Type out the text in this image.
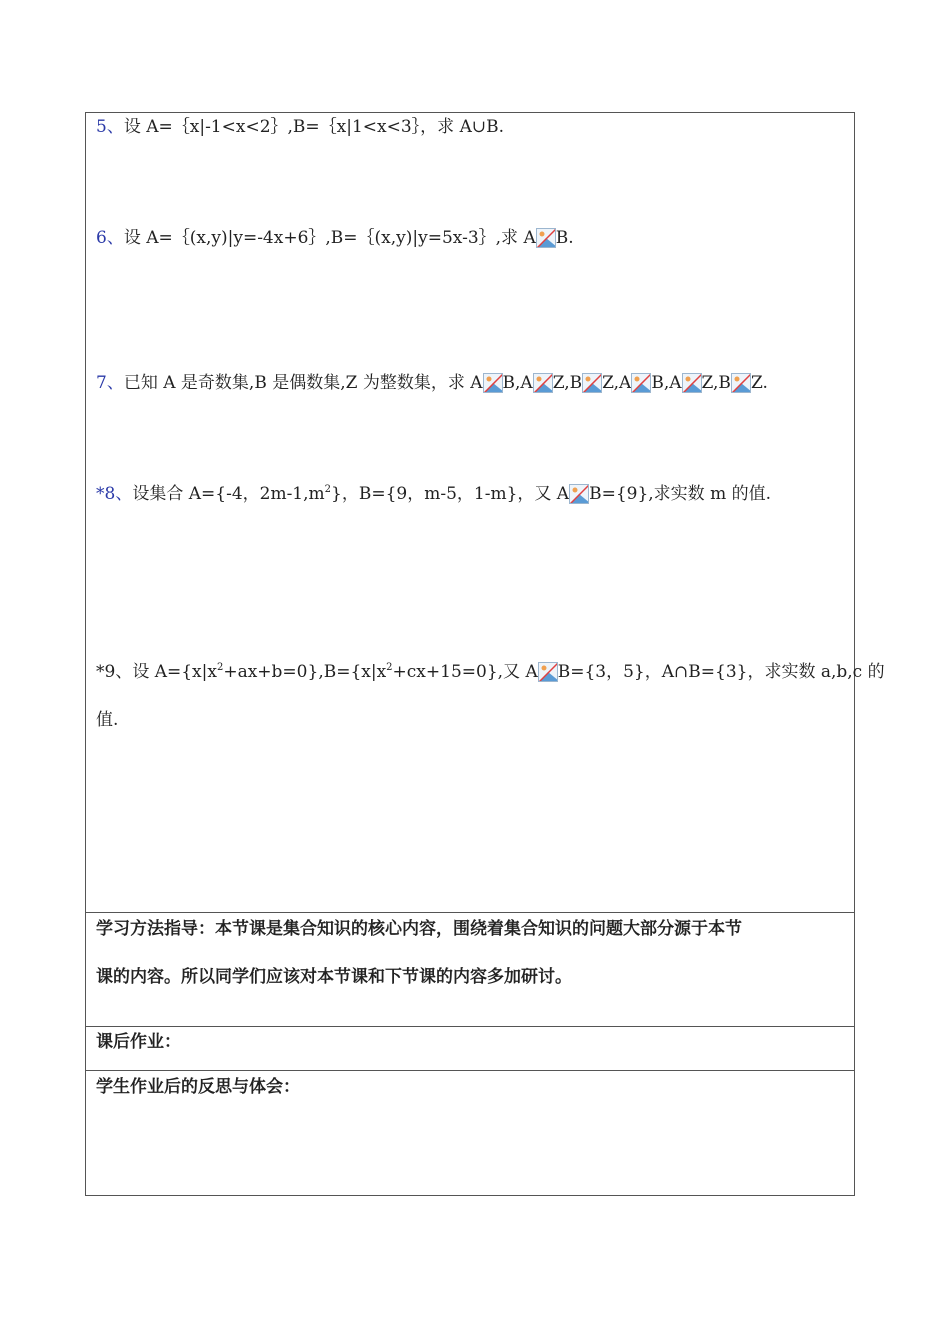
5、设 A=｛x|-1<x<2｝,B=｛x|1<x<3｝，求 A∪B.
6、设 A=｛(x,y)|y=-4x+6｝,B=｛(x,y)|y=5x-3｝,求 A B.
7、已知 A 是奇数集,B 是偶数集,Z 为整数集，求 A B,A Z,B Z,A B,A Z,B Z.
*8、设集合 A={-4，$2m-1,m^2$}，B={9，m-5，1-m}，又 A B={9},求实数 m 的值.
*9、设 $A=\{x|x^2+ax+b=0\},B=\{x|x^2+cx+15=0\}$,又 A B={3，5}，A∩B={3}，求实数 a,b,c 的
值.
学习方法指导：本节课是集合知识的核心内容，围绕着集合知识的问题大部分源于本节
课的内容。所以同学们应该对本节课和下节课的内容多加研讨。
课后作业：
学生作业后的反思与体会：
